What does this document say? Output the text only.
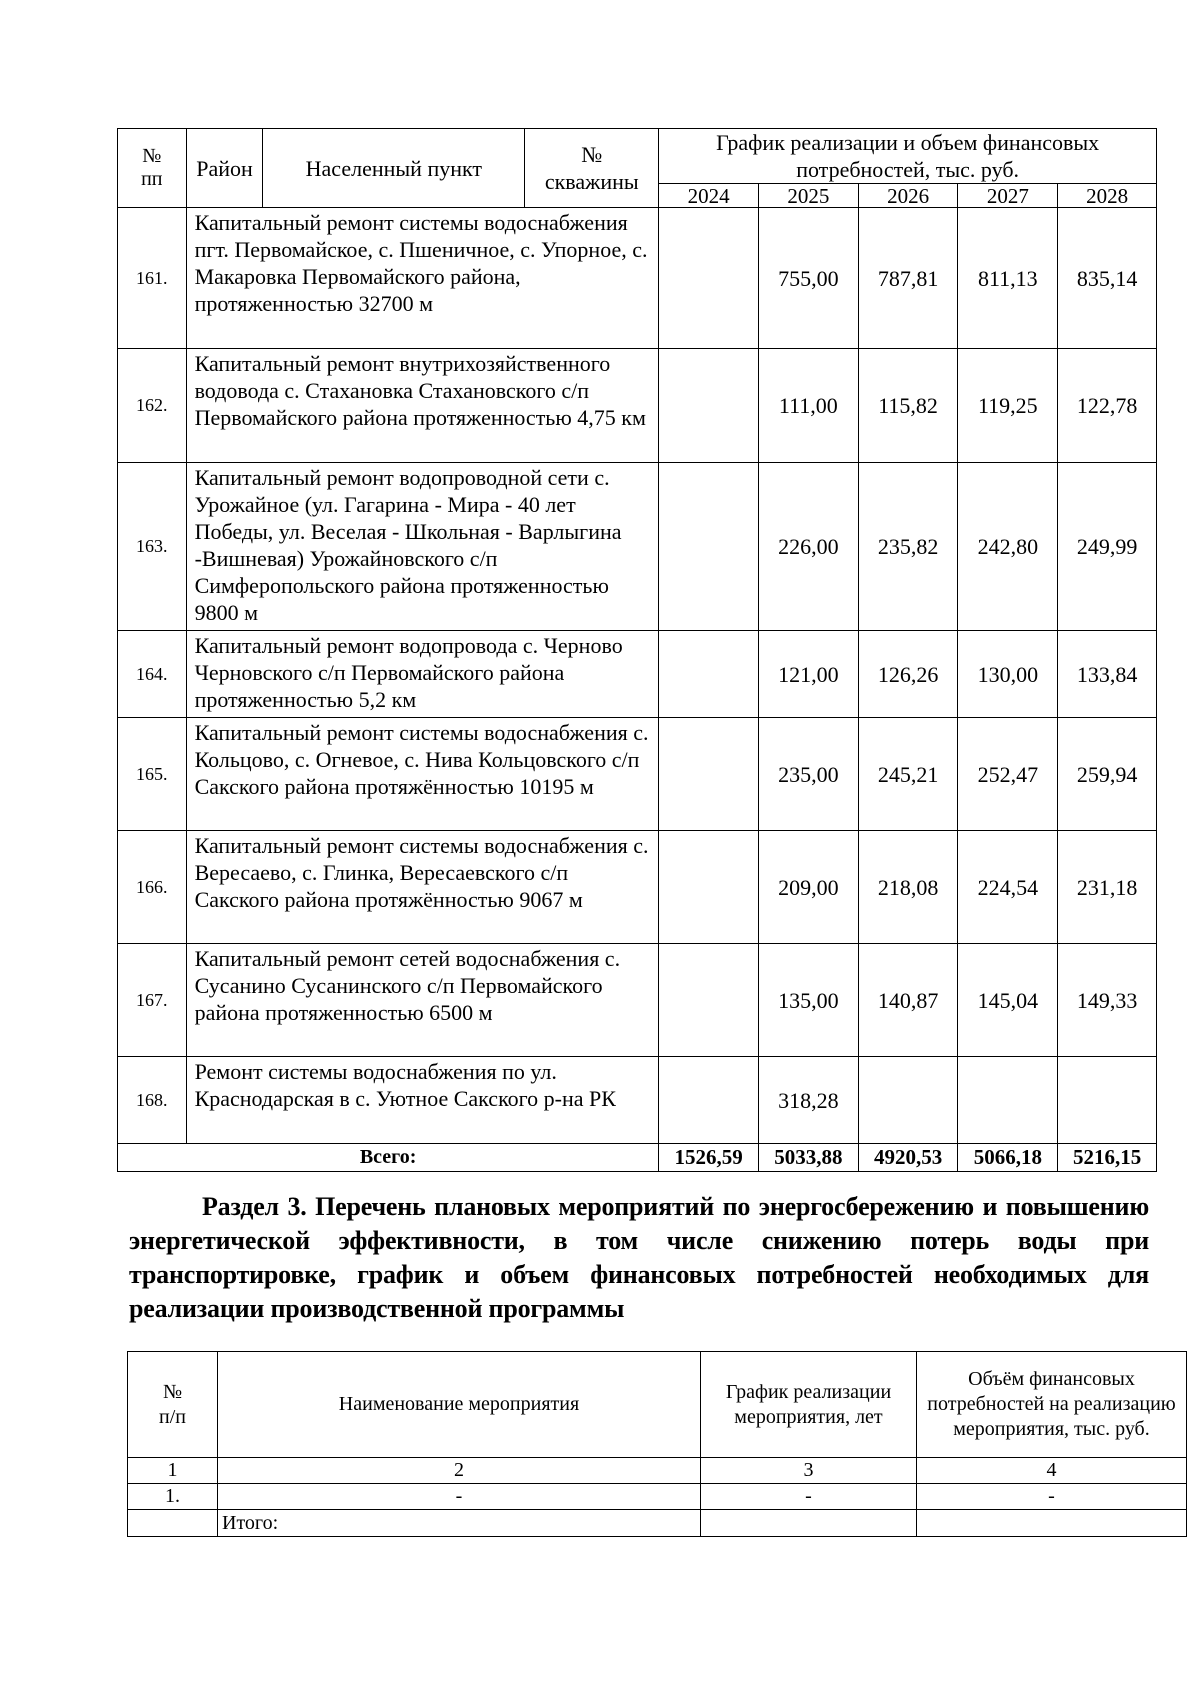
№ пп	Район	Населенный пункт	№ скважины	График реализации и объем финансовых потребностей, тыс. руб.				
				2024	2025	2026	2027	2028
161.	Капитальный ремонт системы водоснабжения пгт. Первомайское, с. Пшеничное, с. Упорное, с. Макаровка Первомайского района, протяженностью 32700 м				755,00	787,81	811,13	835,14
162.	Капитальный ремонт внутрихозяйственного водовода с. Стахановка Стахановского с/п Первомайского района протяженностью 4,75 км				111,00	115,82	119,25	122,78
163.	Капитальный ремонт водопроводной сети с. Урожайное (ул. Гагарина - Мира - 40 лет Победы, ул. Веселая - Школьная - Варлыгина -Вишневая) Урожайновского с/п Симферопольского района протяженностью 9800 м				226,00	235,82	242,80	249,99
164.	Капитальный ремонт водопровода с. Черново Черновского с/п Первомайского района протяженностью 5,2 км				121,00	126,26	130,00	133,84
165.	Капитальный ремонт системы водоснабжения с. Кольцово, с. Огневое, с. Нива Кольцовского с/п Сакского района протяжённостью 10195 м				235,00	245,21	252,47	259,94
166.	Капитальный ремонт системы водоснабжения с. Вересаево, с. Глинка, Вересаевского с/п Сакского района протяжённостью 9067 м				209,00	218,08	224,54	231,18
167.	Капитальный ремонт сетей водоснабжения с. Сусанино Сусанинского с/п Первомайского района протяженностью 6500 м				135,00	140,87	145,04	149,33
168.	Ремонт системы водоснабжения по ул. Краснодарская в с. Уютное Сакского р-на РК				318,28			
Всего:				1526,59	5033,88	4920,53	5066,18	5216,15
Раздел 3. Перечень плановых мероприятий по энергосбережению и повышению энергетической эффективности, в том числе снижению потерь воды при транспортировке, график и объем финансовых потребностей необходимых для реализации производственной программы
№ п/п	Наименование мероприятия	График реализации мероприятия, лет	Объём финансовых потребностей на реализацию мероприятия, тыс. руб.
1	2	3	4
1.	-	-	-
	Итого:		
